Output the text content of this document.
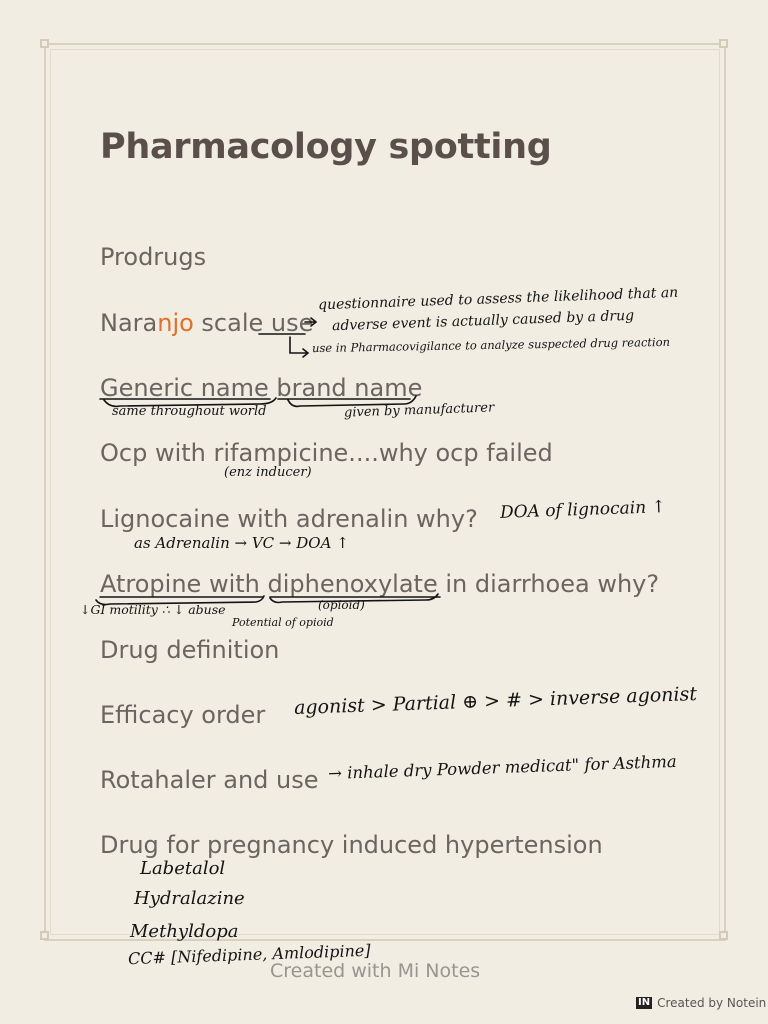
Pharmacology spotting
Prodrugs
Naranjo scale use
Generic name brand name
Ocp with rifampicine....why ocp failed
Lignocaine with adrenalin why?
Atropine with diphenoxylate in diarrhoea why?
Drug definition
Efficacy order
Rotahaler and use
Drug for pregnancy induced hypertension
questionnaire used to assess the likelihood that an
adverse event is actually caused by a drug
use in Pharmacovigilance to analyze suspected drug reaction
same throughout world	given by manufacturer
(enz inducer)
DOA of lignocain ↑
as Adrenalin → VC → DOA ↑
↓GI motility ∴ ↓ abuse
Potential of opioid
(opioid)
agonist > Partial ⊕ > # > inverse agonist
→ inhale dry Powder medicat" for Asthma
Labetalol
Hydralazine
Methyldopa
CC# [Nifedipine, Amlodipine]
Created with Mi Notes
IN Created by Notein
